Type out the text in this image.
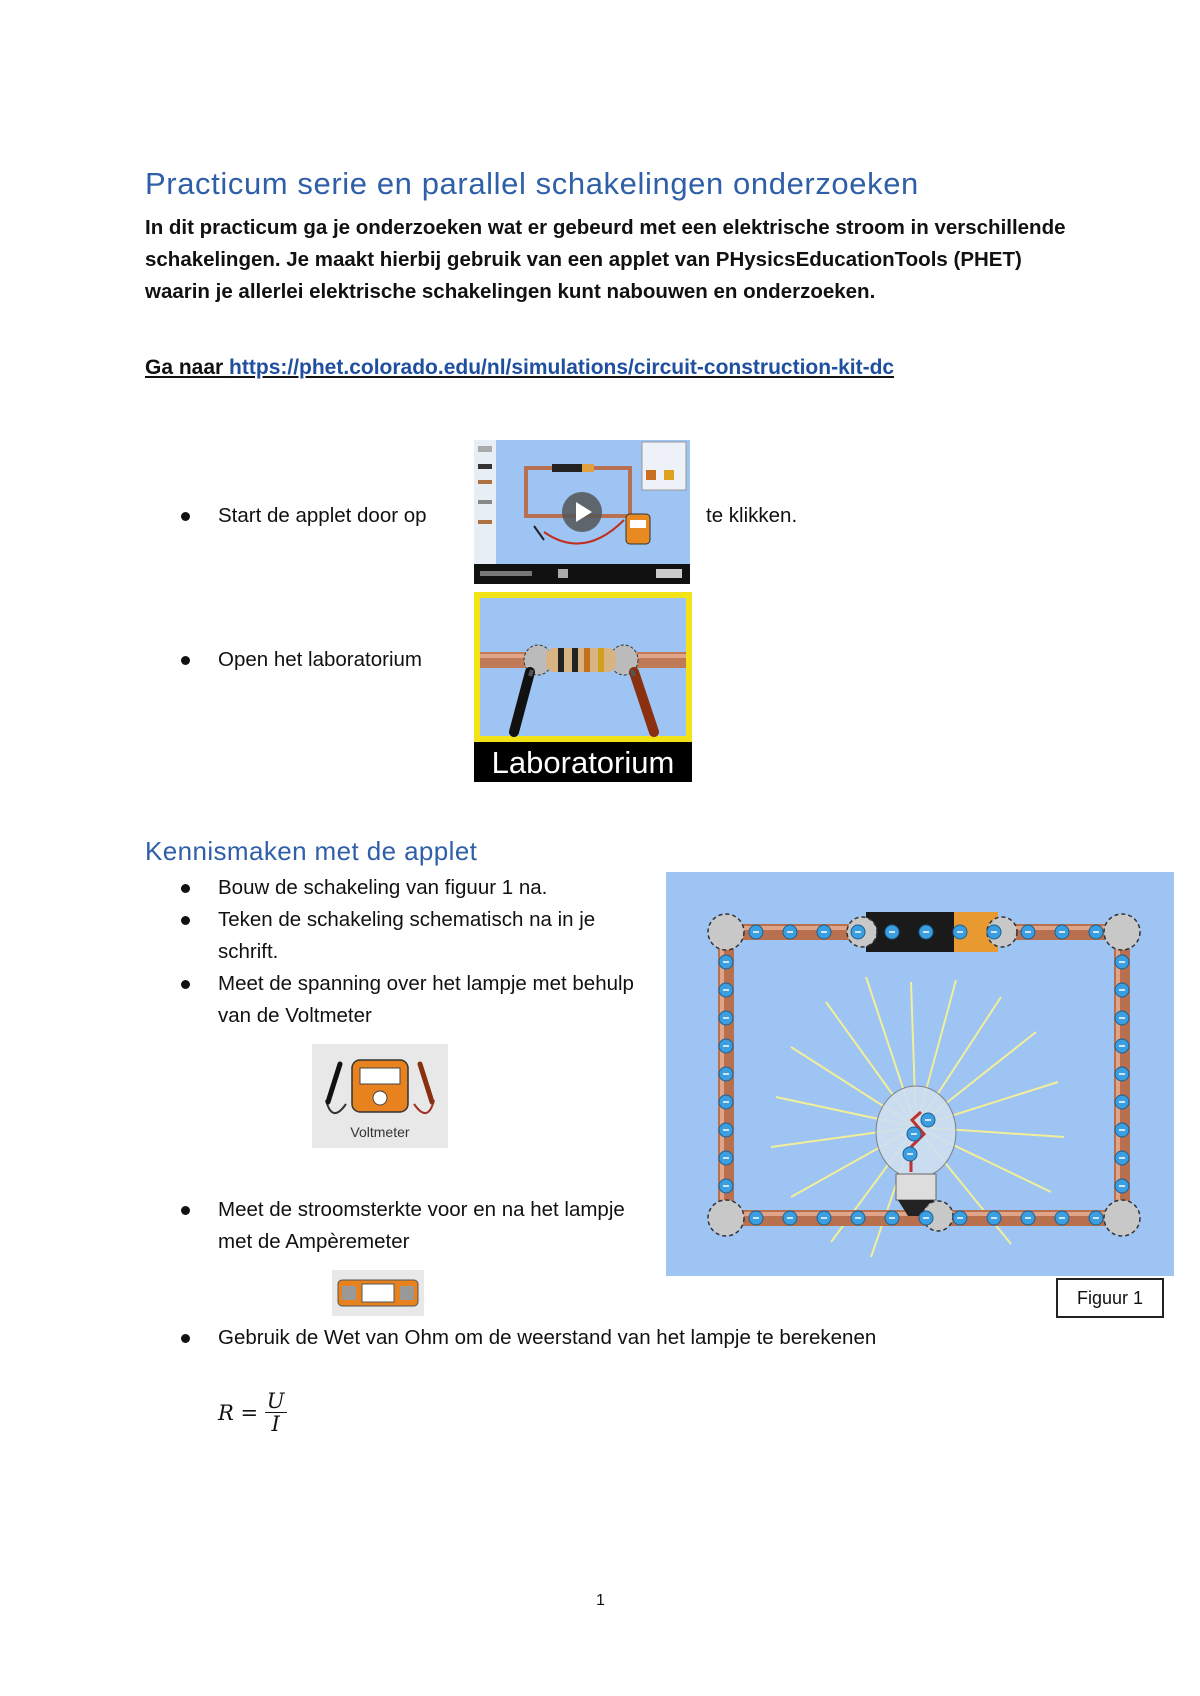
Practicum serie en parallel schakelingen onderzoeken
In dit practicum ga je onderzoeken wat er gebeurd met een elektrische stroom in verschillende schakelingen. Je maakt hierbij gebruik van een applet van PHysicsEducationTools (PHET) waarin je allerlei elektrische schakelingen kunt nabouwen en onderzoeken.
Ga naar https://phet.colorado.edu/nl/simulations/circuit-construction-kit-dc
Start de applet door op	te klikken.
Open het laboratorium
Laboratorium
Kennismaken met de applet
Bouw de schakeling van figuur 1 na.
Teken de schakeling schematisch na in je schrift.
Meet de spanning over het lampje met behulp van de Voltmeter
Voltmeter
Meet de stroomsterkte voor en na het lampje met de Ampèremeter
Figuur 1
Gebruik de Wet van Ohm om de weerstand van het lampje te berekenen
$R = \frac{U}{I}$
1
